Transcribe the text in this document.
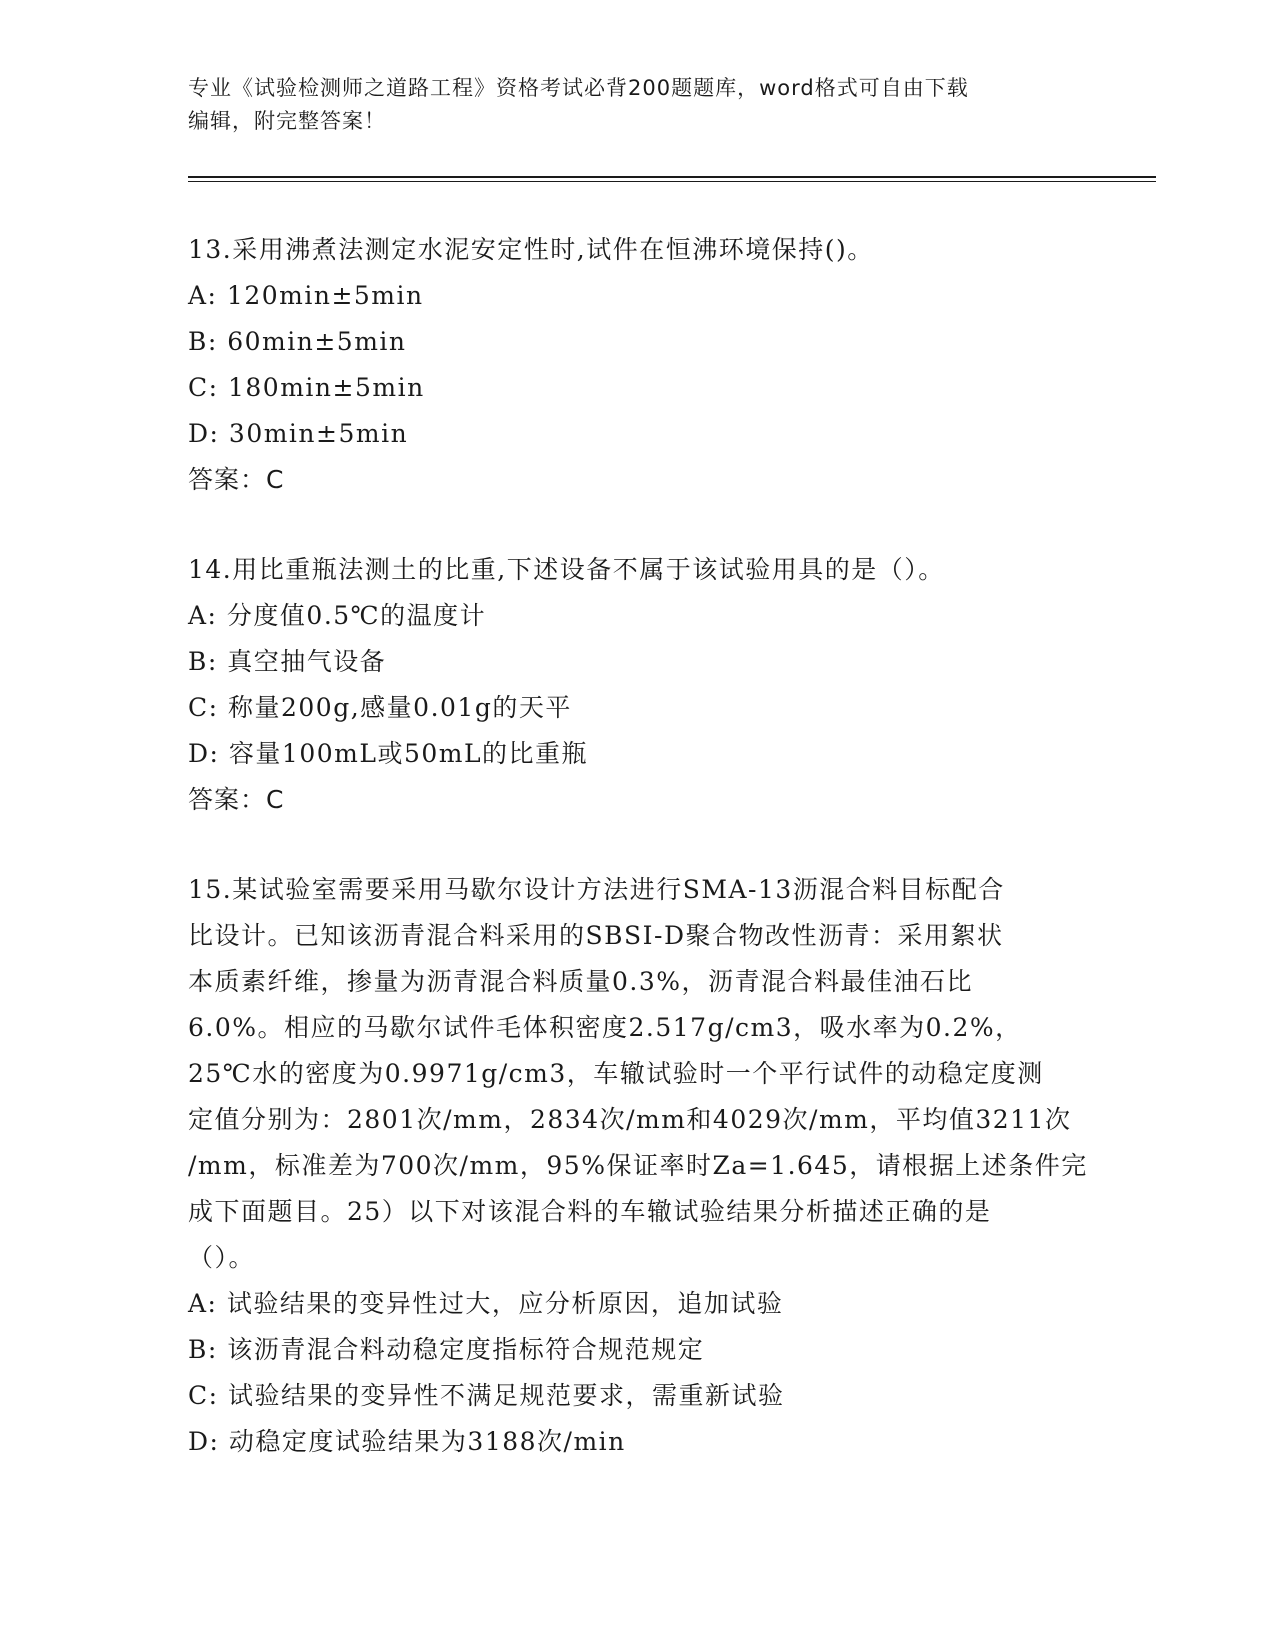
专业《试验检测师之道路工程》资格考试必背200题题库，word格式可自由下载
编辑，附完整答案！
13.采用沸煮法测定水泥安定性时,试件在恒沸环境保持()。
A: 120min±5min
B: 60min±5min
C: 180min±5min
D: 30min±5min
答案：C
14.用比重瓶法测土的比重,下述设备不属于该试验用具的是（）。
A: 分度值0.5℃的温度计
B: 真空抽气设备
C: 称量200g,感量0.01g的天平
D: 容量100mL或50mL的比重瓶
答案：C
15.某试验室需要采用马歇尔设计方法进行SMA-13沥混合料目标配合
比设计。已知该沥青混合料采用的SBSI-D聚合物改性沥青：采用絮状
本质素纤维，掺量为沥青混合料质量0.3%，沥青混合料最佳油石比
6.0%。相应的马歇尔试件毛体积密度2.517g/cm3，吸水率为0.2%，
25℃水的密度为0.9971g/cm3，车辙试验时一个平行试件的动稳定度测
定值分别为：2801次/mm，2834次/mm和4029次/mm，平均值3211次
/mm，标准差为700次/mm，95%保证率时Za=1.645，请根据上述条件完
成下面题目。25）以下对该混合料的车辙试验结果分析描述正确的是
（）。
A: 试验结果的变异性过大，应分析原因，追加试验
B: 该沥青混合料动稳定度指标符合规范规定
C: 试验结果的变异性不满足规范要求，需重新试验
D: 动稳定度试验结果为3188次/min
